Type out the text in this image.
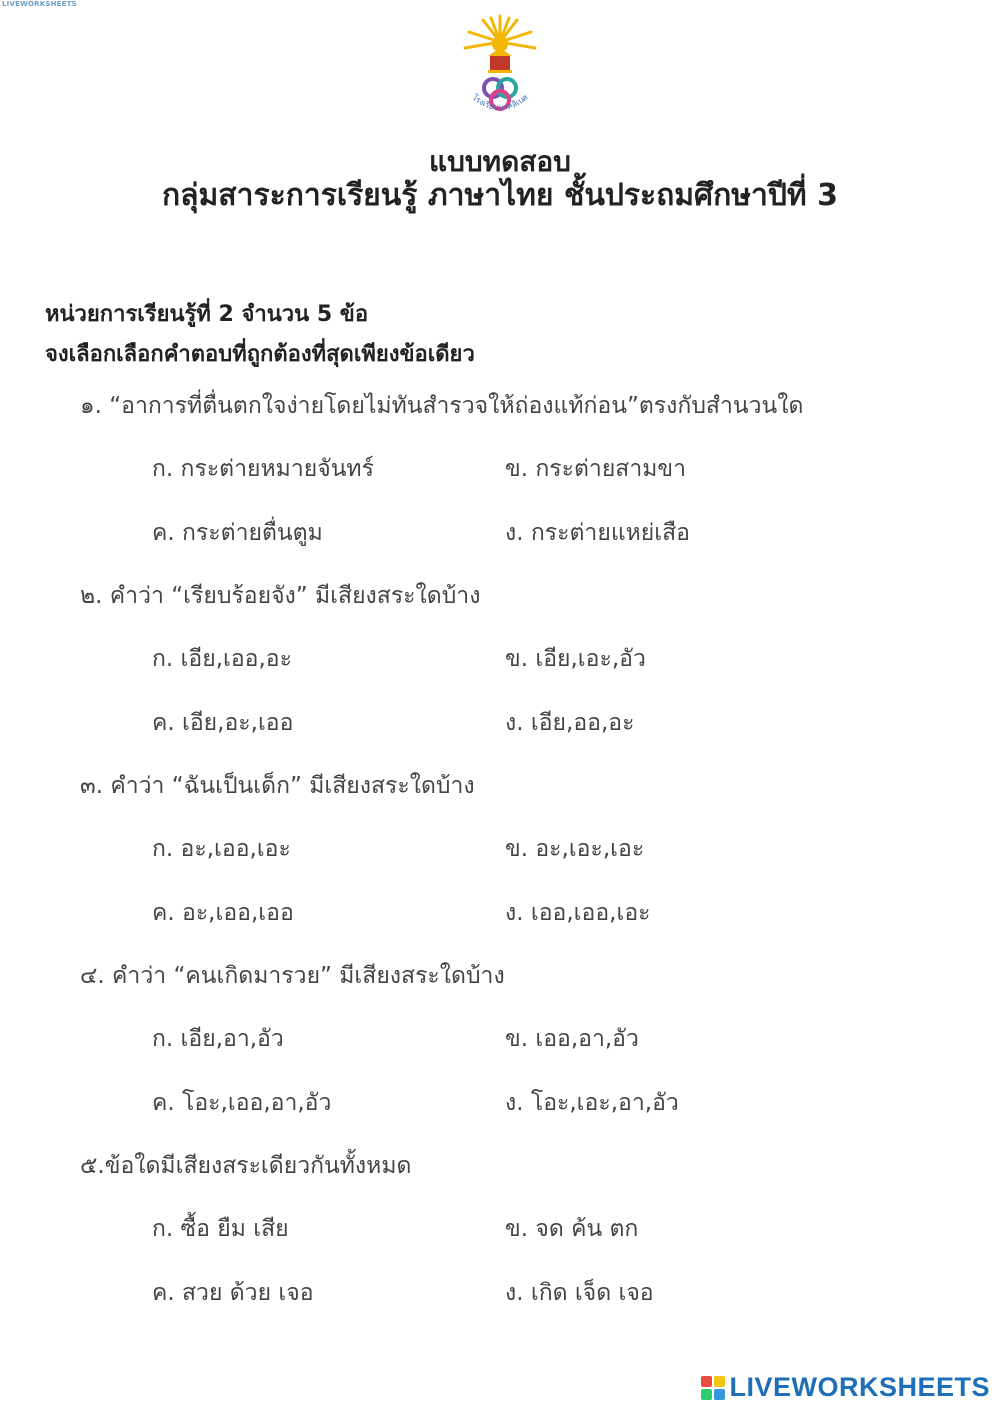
LIVEWORKSHEETS
โรงเรียนมาคลิเบศ
แบบทดสอบ
กลุ่มสาระการเรียนรู้ ภาษาไทย ชั้นประถมศึกษาปีที่ 3
หน่วยการเรียนรู้ที่ 2 จำนวน 5 ข้อ
จงเลือกเลือกคำตอบที่ถูกต้องที่สุดเพียงข้อเดียว
๑. “อาการที่ตื่นตกใจง่ายโดยไม่ทันสำรวจให้ถ่องแท้ก่อน”ตรงกับสำนวนใด
ก. กระต่ายหมายจันทร์	ข. กระต่ายสามขา
ค. กระต่ายตื่นตูม	ง. กระต่ายแหย่เสือ
๒. คำว่า “เรียบร้อยจัง” มีเสียงสระใดบ้าง
ก. เอีย,เออ,อะ	ข. เอีย,เอะ,อัว
ค. เอีย,อะ,เออ	ง. เอีย,ออ,อะ
๓. คำว่า “ฉันเป็นเด็ก” มีเสียงสระใดบ้าง
ก. อะ,เออ,เอะ	ข. อะ,เอะ,เอะ
ค. อะ,เออ,เออ	ง. เออ,เออ,เอะ
๔. คำว่า “คนเกิดมารวย” มีเสียงสระใดบ้าง
ก. เอีย,อา,อัว	ข. เออ,อา,อัว
ค. โอะ,เออ,อา,อัว	ง. โอะ,เอะ,อา,อัว
๕.ข้อใดมีเสียงสระเดียวกันทั้งหมด
ก. ซื้อ ยืม เสีย	ข. จด ค้น ตก
ค. สวย ด้วย เจอ	ง. เกิด เจ็ด เจอ
LIVEWORKSHEETS
